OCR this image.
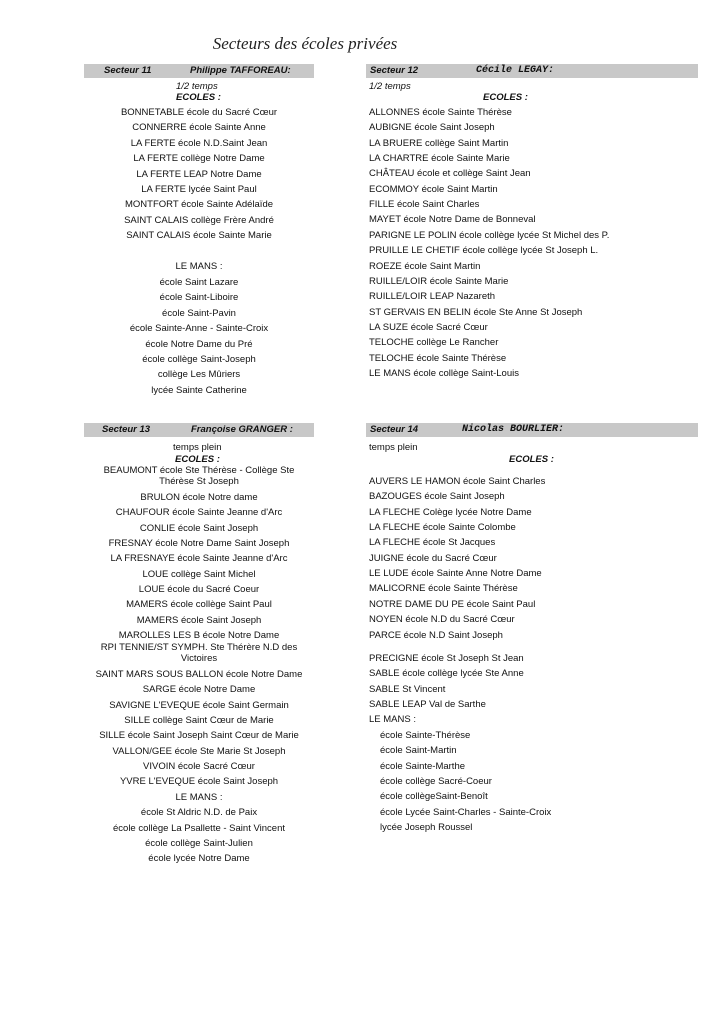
Secteurs des écoles privées
Secteur 11	Philippe TAFFOREAU:
1/2 temps
ECOLES :
BONNETABLE école du Sacré Cœur
CONNERRE école Sainte Anne
LA FERTE école N.D.Saint Jean
LA FERTE collège Notre Dame
LA FERTE LEAP Notre Dame
LA FERTE lycée Saint Paul
MONTFORT école Sainte Adélaïde
SAINT CALAIS collège Frère André
SAINT CALAIS école Sainte Marie
LE MANS :
école Saint Lazare
école Saint-Liboire
école Saint-Pavin
école Sainte-Anne - Sainte-Croix
école Notre Dame du Pré
école collège Saint-Joseph
collège Les Mûriers
lycée Sainte Catherine
Secteur 12	Cécile LEGAY:
1/2 temps
ECOLES :
ALLONNES école Sainte Thérèse
AUBIGNE école Saint Joseph
LA BRUERE collège Saint Martin
LA CHARTRE école Sainte Marie
CHÂTEAU école et collège Saint Jean
ECOMMOY école Saint Martin
FILLE école Saint Charles
MAYET école Notre Dame de Bonneval
PARIGNE LE POLIN école collège lycée St Michel des P.
PRUILLE LE CHETIF école collège lycée St Joseph L.
ROEZE école Saint Martin
RUILLE/LOIR école Sainte Marie
RUILLE/LOIR LEAP Nazareth
ST GERVAIS EN BELIN école Ste Anne St Joseph
LA SUZE école Sacré Cœur
TELOCHE collège Le Rancher
TELOCHE école Sainte Thérèse
LE MANS école collège Saint-Louis
Secteur 13	Françoise GRANGER :
temps plein
ECOLES :
BEAUMONT école Ste Thérèse - Collège Ste Thérèse St Joseph
BRULON école Notre dame
CHAUFOUR école Sainte Jeanne d'Arc
CONLIE école Saint Joseph
FRESNAY école Notre Dame Saint Joseph
LA FRESNAYE école Sainte Jeanne d'Arc
LOUE collège Saint Michel
LOUE école du Sacré Coeur
MAMERS école collège Saint Paul
MAMERS école Saint Joseph
MAROLLES LES B école Notre Dame
RPI TENNIE/ST SYMPH. Ste Thérère N.D des Victoires
SAINT MARS SOUS BALLON école Notre Dame
SARGE école Notre Dame
SAVIGNE L'EVEQUE école Saint Germain
SILLE collège Saint Cœur de Marie
SILLE école Saint Joseph Saint Cœur de Marie
VALLON/GEE école Ste Marie St Joseph
VIVOIN école Sacré Cœur
YVRE L'EVEQUE école Saint Joseph
LE MANS :
école St Aldric N.D. de Paix
école collège La Psallette - Saint Vincent
école collège Saint-Julien
école lycée Notre Dame
Secteur 14	Nicolas BOURLIER:
temps plein
ECOLES :
AUVERS LE HAMON école Saint Charles
BAZOUGES école Saint Joseph
LA FLECHE Colège lycée Notre Dame
LA FLECHE école Sainte Colombe
LA FLECHE école St Jacques
JUIGNE école du Sacré Cœur
LE LUDE école Sainte Anne Notre Dame
MALICORNE école Sainte Thérèse
NOTRE DAME DU PE école Saint Paul
NOYEN école N.D du Sacré Cœur
PARCE école N.D Saint Joseph
PRECIGNE école St Joseph St Jean
SABLE école collège lycée Ste Anne
SABLE St Vincent
SABLE LEAP Val de Sarthe
LE MANS :
école Sainte-Thérèse
école Saint-Martin
école Sainte-Marthe
école collège Sacré-Coeur
école collègeSaint-Benoît
école Lycée Saint-Charles - Sainte-Croix
lycée Joseph Roussel
